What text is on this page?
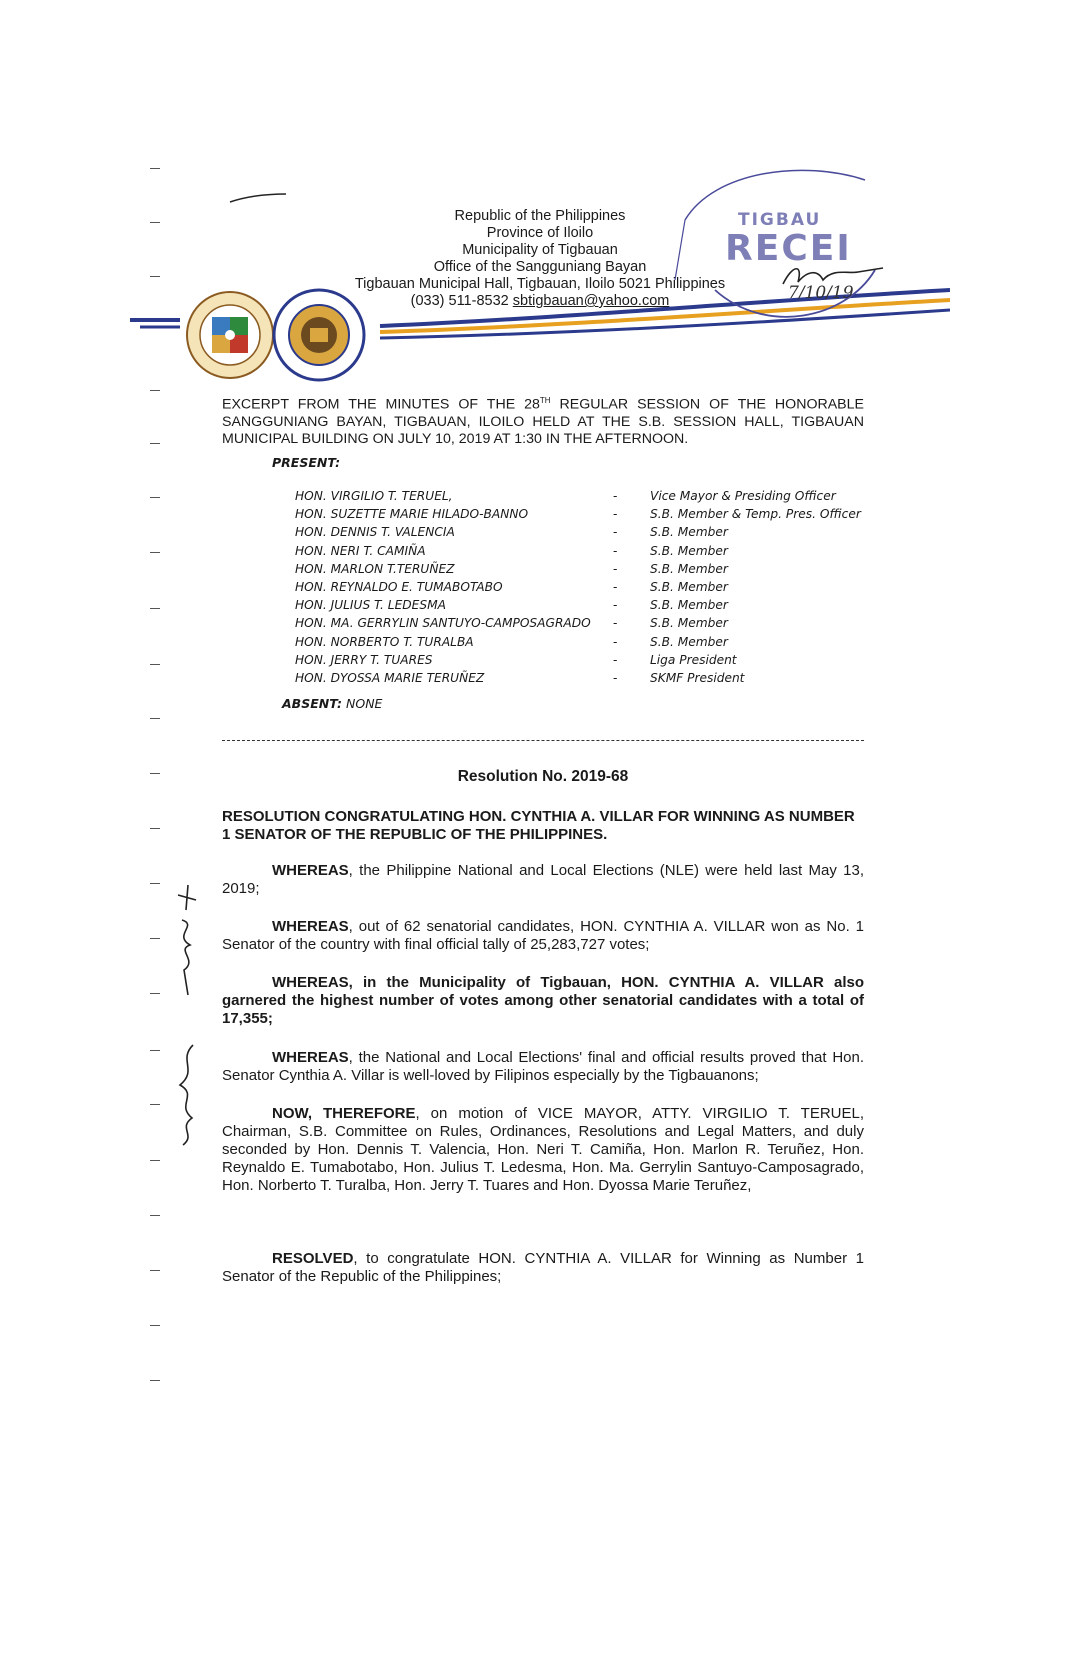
TIGBAU
RECEI
7/10/19
Republic of the Philippines
Province of Iloilo
Municipality of Tigbauan
Office of the Sangguniang Bayan
Tigbauan Municipal Hall, Tigbauan, Iloilo 5021 Philippines
(033) 511-8532 sbtigbauan@yahoo.com
EXCERPT FROM THE MINUTES OF THE 28TH REGULAR SESSION OF THE HONORABLE SANGGUNIANG BAYAN, TIGBAUAN, ILOILO HELD AT THE S.B. SESSION HALL, TIGBAUAN MUNICIPAL BUILDING ON JULY 10, 2019 AT 1:30 IN THE AFTERNOON.
PRESENT:
HON. VIRGILIO T. TERUEL,	-	Vice Mayor & Presiding Officer
HON. SUZETTE MARIE HILADO-BANNO	-	S.B. Member & Temp. Pres. Officer
HON. DENNIS T. VALENCIA	-	S.B. Member
HON. NERI T. CAMIÑA	-	S.B. Member
HON. MARLON T.TERUÑEZ	-	S.B. Member
HON. REYNALDO E. TUMABOTABO	-	S.B. Member
HON. JULIUS T. LEDESMA	-	S.B. Member
HON. MA. GERRYLIN SANTUYO-CAMPOSAGRADO -	S.B. Member
HON. NORBERTO T. TURALBA	-	S.B. Member
HON. JERRY T. TUARES	-	Liga President
HON. DYOSSA MARIE TERUÑEZ	-	SKMF President
ABSENT: NONE
Resolution No. 2019-68
RESOLUTION CONGRATULATING HON. CYNTHIA A. VILLAR FOR WINNING AS NUMBER 1 SENATOR OF THE REPUBLIC OF THE PHILIPPINES.
WHEREAS, the Philippine National and Local Elections (NLE) were held last May 13, 2019;
WHEREAS, out of 62 senatorial candidates, HON. CYNTHIA A. VILLAR won as No. 1 Senator of the country with final official tally of 25,283,727 votes;
WHEREAS, in the Municipality of Tigbauan, HON. CYNTHIA A. VILLAR also garnered the highest number of votes among other senatorial candidates with a total of 17,355;
WHEREAS, the National and Local Elections' final and official results proved that Hon. Senator Cynthia A. Villar is well-loved by Filipinos especially by the Tigbauanons;
NOW, THEREFORE, on motion of VICE MAYOR, ATTY. VIRGILIO T. TERUEL, Chairman, S.B. Committee on Rules, Ordinances, Resolutions and Legal Matters, and duly seconded by Hon. Dennis T. Valencia, Hon. Neri T. Camiña, Hon. Marlon R. Teruñez, Hon. Reynaldo E. Tumabotabo, Hon. Julius T. Ledesma, Hon. Ma. Gerrylin Santuyo-Camposagrado, Hon. Norberto T. Turalba, Hon. Jerry T. Tuares and Hon. Dyossa Marie Teruñez,
RESOLVED, to congratulate HON. CYNTHIA A. VILLAR for Winning as Number 1 Senator of the Republic of the Philippines;
